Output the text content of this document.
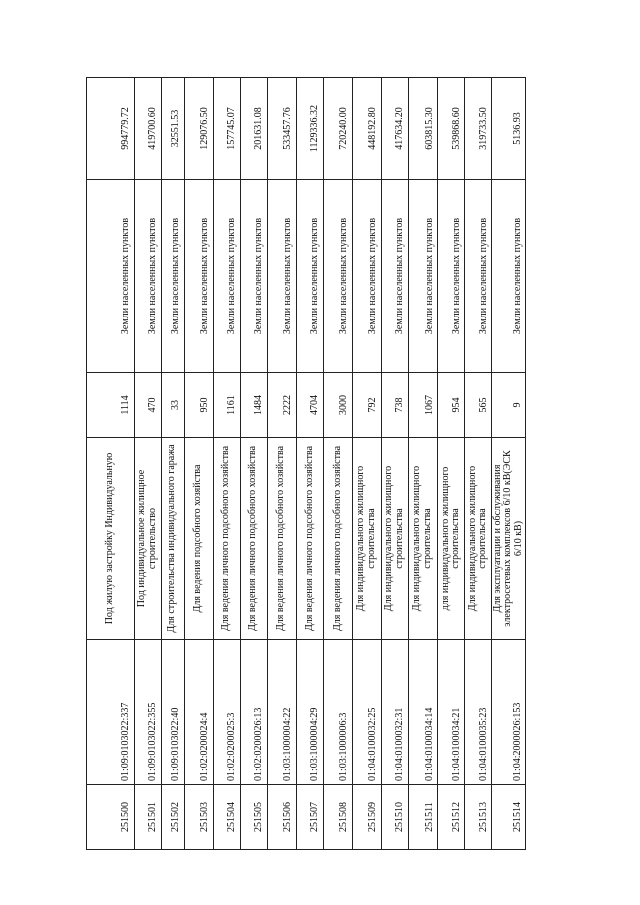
251500	01:09:0103022:337	Под жилую застройку Индивидуальную	1114	Земли населенных пунктов	994779.72
251501	01:09:0103022:355	Под индивидуальное жилищное строительство	470	Земли населенных пунктов	419700.60
251502	01:09:0103022:40	Для строительства индивидуального гаража	33	Земли населенных пунктов	32551.53
251503	01:02:0200024:4	Для ведения подсобного хозяйства	950	Земли населенных пунктов	129076.50
251504	01:02:0200025:3	Для ведения личного подсобного хозяйства	1161	Земли населенных пунктов	157745.07
251505	01:02:0200026:13	Для ведения личного подсобного хозяйства	1484	Земли населенных пунктов	201631.08
251506	01:03:1000004:22	Для ведения личного подсобного хозяйства	2222	Земли населенных пунктов	533457.76
251507	01:03:1000004:29	Для ведения личного подсобного хозяйства	4704	Земли населенных пунктов	1129336.32
251508	01:03:1000006:3	Для ведения личного подсобного хозяйства	3000	Земли населенных пунктов	720240.00
251509	01:04:0100032:25	Для индивидуального жилищного строительства	792	Земли населенных пунктов	448192.80
251510	01:04:0100032:31	Для индивидуального жилищного строительства	738	Земли населенных пунктов	417634.20
251511	01:04:0100034:14	Для индивидуального жилищного строительства	1067	Земли населенных пунктов	603815.30
251512	01:04:0100034:21	для индивидуального жилищного строительства	954	Земли населенных пунктов	539868.60
251513	01:04:0100035:23	Для индивидуального жилищного строительства	565	Земли населенных пунктов	319733.50
251514	01:04:2000026:153	Для эксплуатации и обслуживания электросетевых комплексов 6/10 кВ(ЭСК 6/10 кВ)	9	Земли населенных пунктов	5136.93
